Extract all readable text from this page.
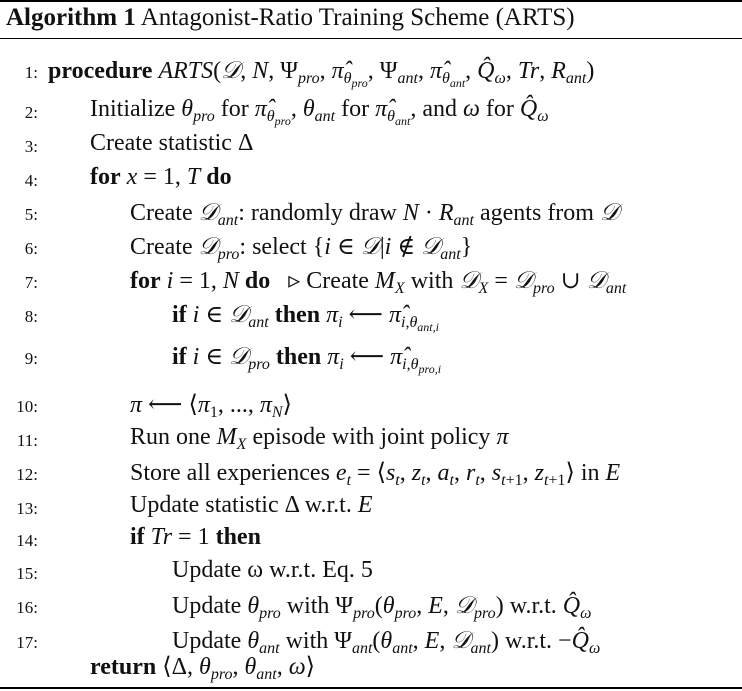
Algorithm 1 Antagonist-Ratio Training Scheme (ARTS)
1: procedure ARTS(𝒟, N, $\Psi_{pro}$, $\pî_{\theta_{pro}}$, $\Psi_{ant}$, $\pî_{\theta_{ant}}$, $Q̂_\omega$, Tr, $R_{ant}$)
2: Initialize $\theta_{pro}$ for $\pî_{\theta_{pro}}$, $\theta_{ant}$ for $\pî_{\theta_{ant}}$, and ω for $Q̂_\omega$
3: Create statistic Δ
4: for x = 1, T do
5:	Create 𝒟$_{ant}$: randomly draw $N \cdot R_{ant}$ agents from 𝒟
6:	Create 𝒟$_{pro}$: select {i ∈ 𝒟|i ∉ 𝒟$_{ant}$}
7:	for i = 1, N do ▹ Create $M_X$ with 𝒟$_X$ = 𝒟$_{pro}$ ∪ 𝒟$_{ant}$
8:	if i ∈ 𝒟$_{ant}$ then $\pi_i$ ⟵ $\pî_{i,\theta_{ant,i}}$
9:	if i ∈ 𝒟$_{pro}$ then $\pi_i$ ⟵ $\pî_{i,\theta_{pro,i}}$
10:	π ⟵ $⟨\pi_1$, ..., $\pi_N⟩$
11:	Run one $M_X$ episode with joint policy π
12:	Store all experiences $e_t$ = $⟨s_t$, $z_t$, $a_t$, $r_t$, $s_{t+1}$, $z_{t+1}⟩$ in E
13:	Update statistic Δ w.r.t. E
14:	if Tr = 1 then
15:	Update ω w.r.t. Eq. 5
16:	Update $\theta_{pro}$ with $\Psi_{pro}(\theta_{pro}$, E, 𝒟$_{pro}$) w.r.t. $Q̂_\omega$
17:	Update $\theta_{ant}$ with $\Psi_{ant}(\theta_{ant}$, E, 𝒟$_{ant}$) w.r.t. $-Q̂_\omega$
return ⟨Δ, $\theta_{pro}$, $\theta_{ant}$, ω⟩
